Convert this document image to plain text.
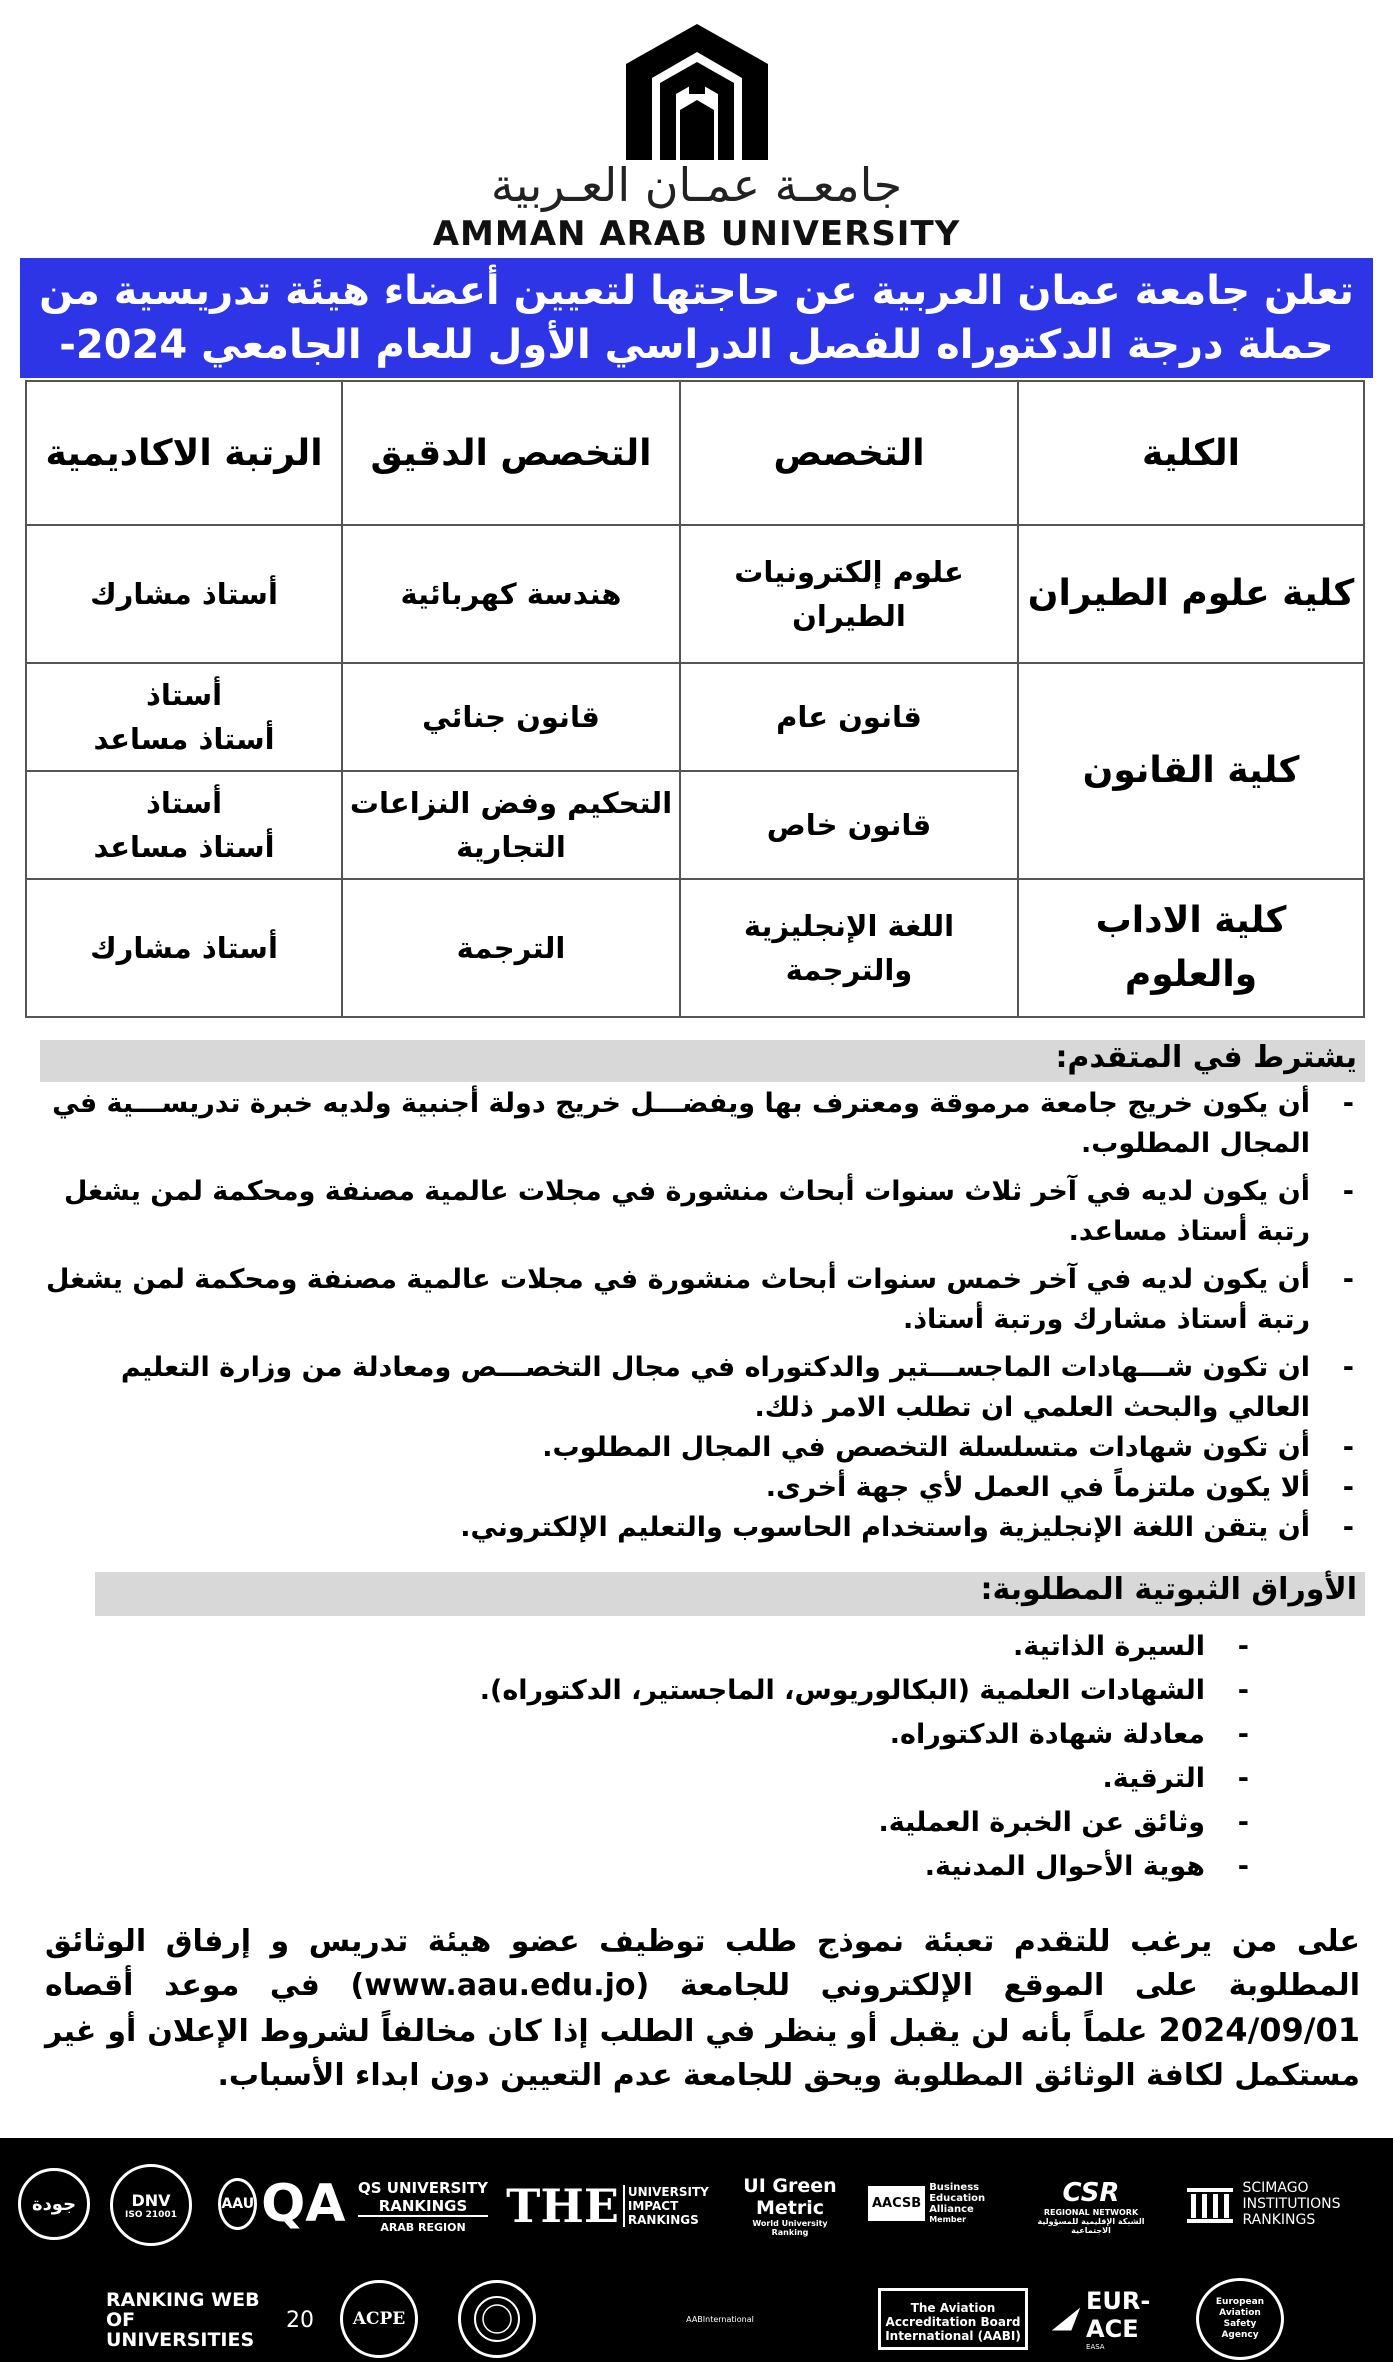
جامعـة عمـان العـربية
AMMAN ARAB UNIVERSITY
تعلن جامعة عمان العربية عن حاجتها لتعيين أعضاء هيئة تدريسية من
حملة درجة الدكتوراه للفصل الدراسي الأول للعام الجامعي 2024-2025
الكلية	التخصص	التخصص الدقيق	الرتبة الاكاديمية
كلية علوم الطيران	علوم إلكترونيات الطيران	هندسة كهربائية	أستاذ مشارك
كلية القانون	قانون عام	قانون جنائي	أستاذ
أستاذ مساعد

	قانون خاص	التحكيم وفض النزاعات التجارية	أستاذ
أستاذ مساعد

كلية الاداب والعلوم	اللغة الإنجليزية والترجمة	الترجمة	أستاذ مشارك
يشترط في المتقدم:
-
أن يكون خريج جامعة مرموقة ومعترف بها ويفضـــل خريج دولة أجنبية ولديه خبرة تدريســـية في المجال المطلوب.
-
أن يكون لديه في آخر ثلاث سنوات أبحاث منشورة في مجلات عالمية مصنفة ومحكمة لمن يشغل رتبة أستاذ مساعد.
-
أن يكون لديه في آخر خمس سنوات أبحاث منشورة في مجلات عالمية مصنفة ومحكمة لمن يشغل رتبة أستاذ مشارك ورتبة أستاذ.
-
ان تكون شـــهادات الماجســـتير والدكتوراه في مجال التخصـــص ومعادلة من وزارة التعليم العالي والبحث العلمي ان تطلب الامر ذلك.
-
أن تكون شهادات متسلسلة التخصص في المجال المطلوب.
-
ألا يكون ملتزماً في العمل لأي جهة أخرى.
-
أن يتقن اللغة الإنجليزية واستخدام الحاسوب والتعليم الإلكتروني.
الأوراق الثبوتية المطلوبة:
-
السيرة الذاتية.
-
الشهادات العلمية (البكالوريوس، الماجستير، الدكتوراه).
-
معادلة شهادة الدكتوراه.
-
الترقية.
-
وثائق عن الخبرة العملية.
-
هوية الأحوال المدنية.
على من يرغب للتقدم تعبئة نموذج طلب توظيف عضو هيئة تدريس و إرفاق الوثائق المطلوبة على الموقع الإلكتروني للجامعة (www.aau.edu.jo) في موعد أقصاه 2024/09/01 علماً بأنه لن يقبل أو ينظر في الطلب إذا كان مخالفاً لشروط الإعلان أو غير مستكمل لكافة الوثائق المطلوبة ويحق للجامعة عدم التعيين دون ابداء الأسباب.
جودة	DNV
ISO 21001
AAU QA QS UNIVERSITY RANKINGS
ARAB REGION THE UNIVERSITY IMPACT RANKINGS
UI Green Metric
World University Ranking
AACSB
Business Education Alliance
Member
CSR
REGIONAL NETWORK
الشبكة الإقليمية للمسؤولية الاجتماعية
SCIMAGO INSTITUTIONS RANKINGS
RANKING WEB OF UNIVERSITIES
20	ACPE	AABInternational
The Aviation Accreditation Board International (AABI)
EUR-ACE
EASA
European Aviation Safety Agency
